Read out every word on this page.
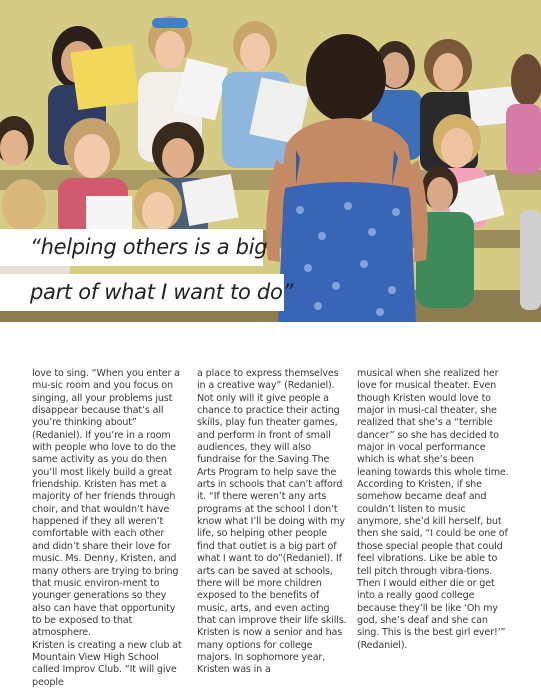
“helping others is a big
part of what I want to do”

love to sing. “When you enter a mu-sic room and you focus on singing, all your problems just disappear because that’s all you’re thinking about” (Redaniel). If you’re in a room with people who love to do the same activity as you do then you’ll most likely build a great friendship. Kristen has met a majority of her friends through choir, and that wouldn’t have happened if they all weren’t comfortable with each other and didn’t share their love for music. Ms. Denny, Kristen, and many others are trying to bring that music environ-ment to younger generations so they also can have that opportunity to be exposed to that atmosphere.

Kristen is creating a new club at Mountain View High School called Improv Club. “It will give people

a place to express themselves in a creative way” (Redaniel). Not only will it give people a chance to practice their acting skills, play fun theater games, and perform in front of small audiences, they will also fundraise for the Saving The Arts Program to help save the arts in schools that can’t afford it. “If there weren’t any arts programs at the school I don’t know what I’ll be doing with my life, so helping other people find that outlet is a big part of what I want to do”(Redaniel). If arts can be saved at schools, there will be more children exposed to the benefits of music, arts, and even acting that can improve their life skills.

Kristen is now a senior and has many options for college majors. In sophomore year, Kristen was in a

musical when she realized her love for musical theater. Even though Kristen would love to major in musi-cal theater, she realized that she’s a “terrible dancer” so she has decided to major in vocal performance which is what she’s been leaning towards this whole time. According to Kristen, if she somehow became deaf and couldn’t listen to music anymore, she’d kill herself, but then she said, “I could be one of those special people that could feel vibrations. Like be able to tell pitch through vibra-tions. Then I would either die or get into a really good college because they’ll be like ‘Oh my god, she’s deaf and she can sing. This is the best girl ever!’” (Redaniel).
